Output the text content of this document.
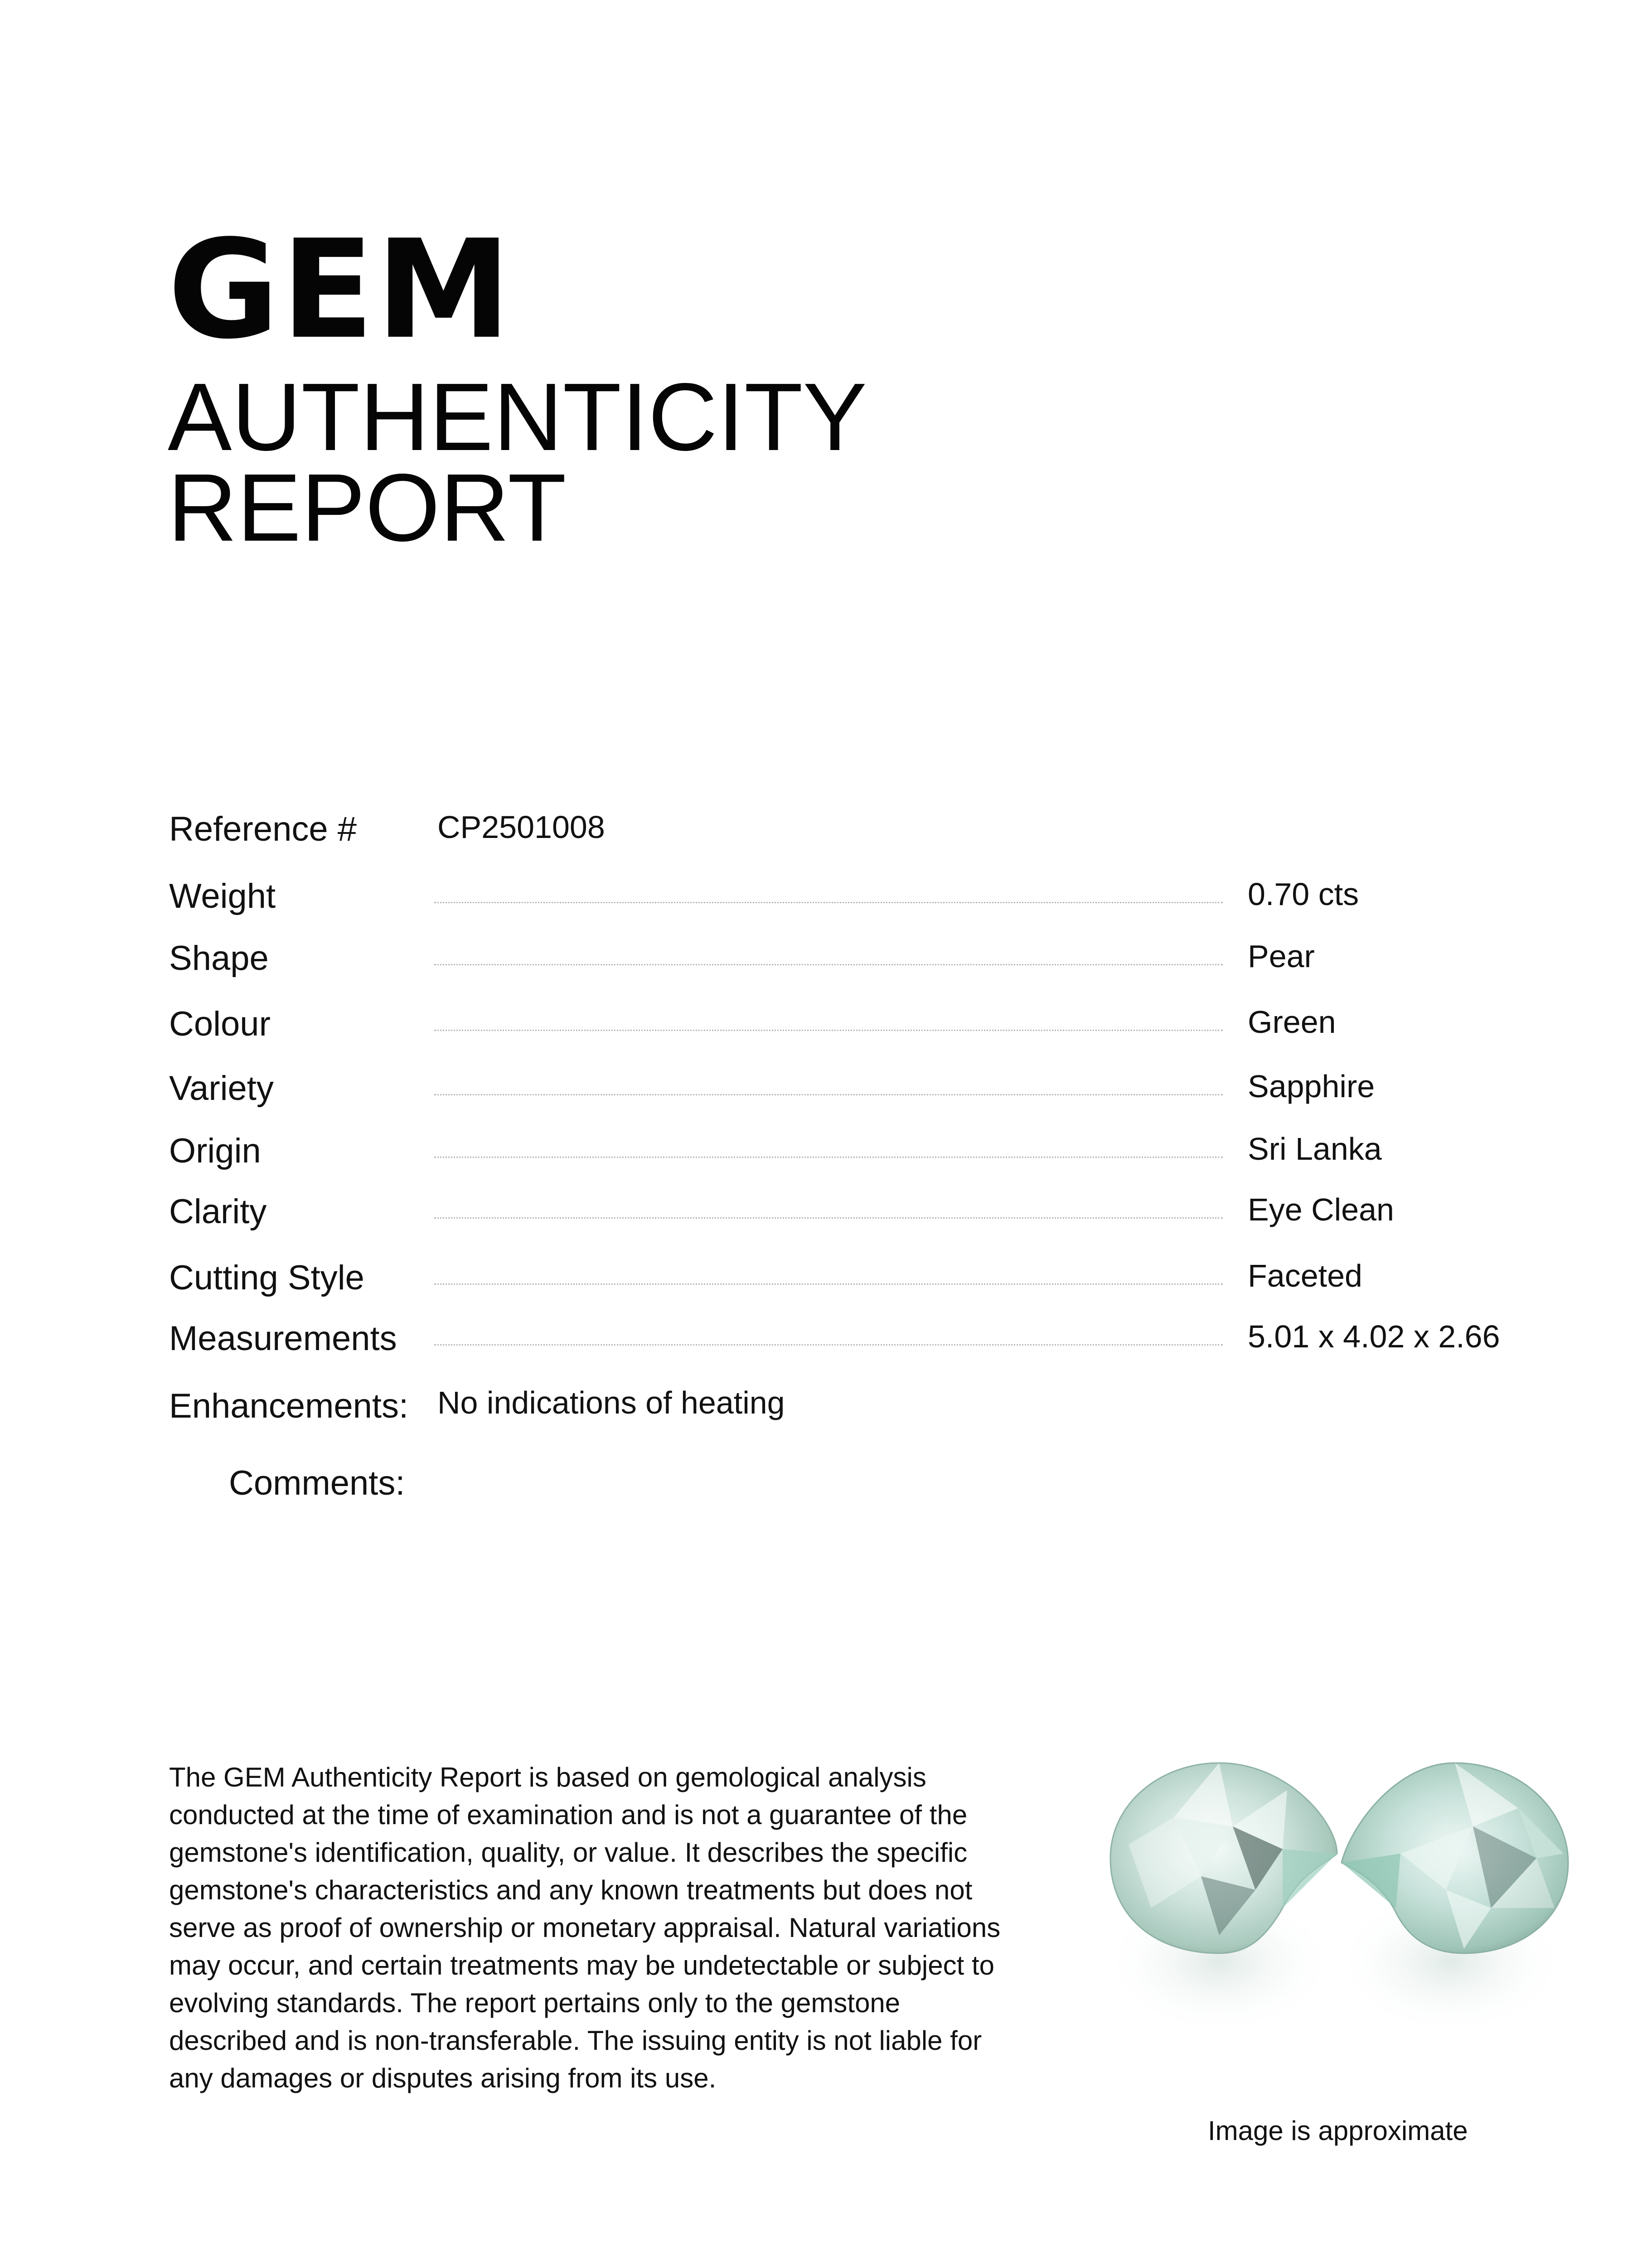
GEM
AUTHENTICITY
REPORT
Reference #	CP2501008
Weight	0.70 cts
Shape	Pear
Colour	Green
Variety	Sapphire
Origin	Sri Lanka
Clarity	Eye Clean
Cutting Style	Faceted
Measurements	5.01 x 4.02 x 2.66
Enhancements: No indications of heating
Comments:
The GEM Authenticity Report is based on gemological analysis conducted at the time of examination and is not a guarantee of the gemstone's identification, quality, or value. It describes the specific gemstone's characteristics and any known treatments but does not serve as proof of ownership or monetary appraisal. Natural variations may occur, and certain treatments may be undetectable or subject to evolving standards. The report pertains only to the gemstone described and is non-transferable. The issuing entity is not liable for any damages or disputes arising from its use.
Image is approximate
